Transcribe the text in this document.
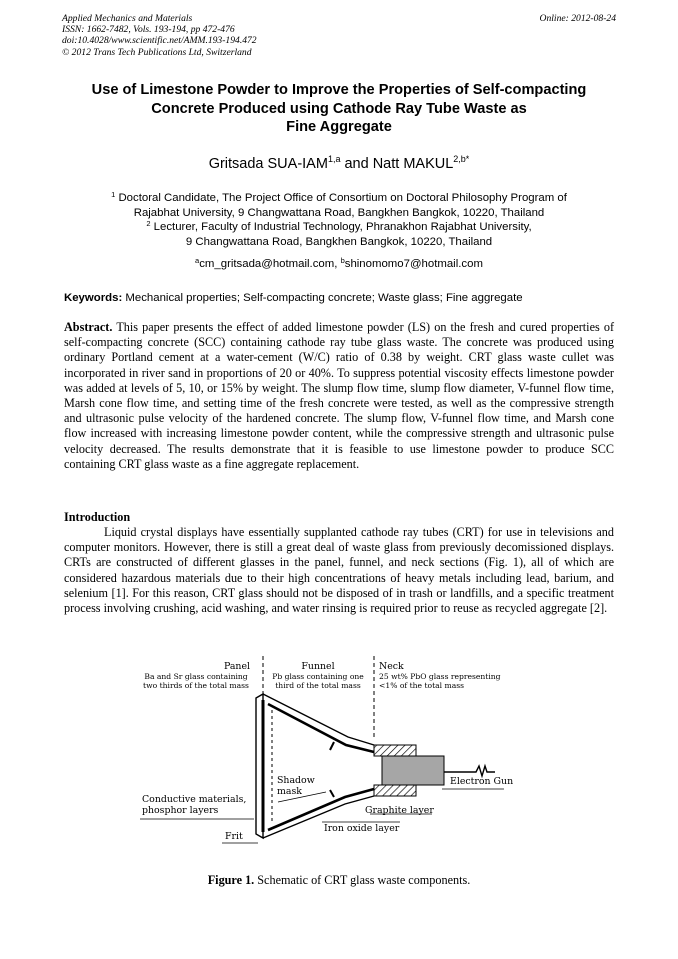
Applied Mechanics and Materials
ISSN: 1662-7482, Vols. 193-194, pp 472-476
doi:10.4028/www.scientific.net/AMM.193-194.472
© 2012 Trans Tech Publications Ltd, Switzerland
Online: 2012-08-24
Use of Limestone Powder to Improve the Properties of Self-compacting
Concrete Produced using Cathode Ray Tube Waste as
Fine Aggregate
Gritsada SUA-IAM$^{1,a}$ and Natt $MAKUL^{2,b*}$
$^1$ Doctoral Candidate, The Project Office of Consortium on Doctoral Philosophy Program of
Rajabhat University, 9 Changwattana Road, Bangkhen Bangkok, 10220, Thailand
$^2$ Lecturer, Faculty of Industrial Technology, Phranakhon Rajabhat University,
9 Changwattana Road, Bangkhen Bangkok, 10220, Thailand
$^a$cm_gritsada@hotmail.com, $^b$shinomomo7@hotmail.com
Keywords: Mechanical properties; Self-compacting concrete; Waste glass; Fine aggregate

Abstract. This paper presents the effect of added limestone powder (LS) on the fresh and cured properties of self-compacting concrete (SCC) containing cathode ray tube glass waste. The concrete was produced using ordinary Portland cement at a water-cement (W/C) ratio of 0.38 by weight. CRT glass waste cullet was incorporated in river sand in proportions of 20 or 40%. To suppress potential viscosity effects limestone powder was added at levels of 5, 10, or 15% by weight. The slump flow time, slump flow diameter, V-funnel flow time, Marsh cone flow time, and setting time of the fresh concrete were tested, as well as the compressive strength and ultrasonic pulse velocity of the hardened concrete. The slump flow, V-funnel flow time, and Marsh cone flow increased with increasing limestone powder content, while the compressive strength and ultrasonic pulse velocity decreased. The results demonstrate that it is feasible to use limestone powder to produce SCC containing CRT glass waste as a fine aggregate replacement.

Introduction

Liquid crystal displays have essentially supplanted cathode ray tubes (CRT) for use in televisions and computer monitors. However, there is still a great deal of waste glass from previously decomissioned displays. CRTs are constructed of different glasses in the panel, funnel, and neck sections (Fig. 1), all of which are considered hazardous materials due to their high concentrations of heavy metals including lead, barium, and selenium [1]. For this reason, CRT glass should not be disposed of in trash or landfills, and a specific treatment process involving crushing, acid washing, and water rinsing is required prior to reuse as recycled aggregate [2].

Panel
Ba and Sr glass containing
two thirds of the total mass
Funnel
Pb glass containing one
third of the total mass
Neck
25 wt% PbO glass representing
<1% of the total mass
Shadow
mask
Electron Gun
Conductive materials,
phosphor layers	Graphite layer
Iron oxide layer
Frit
Figure 1. Schematic of CRT glass waste components.
